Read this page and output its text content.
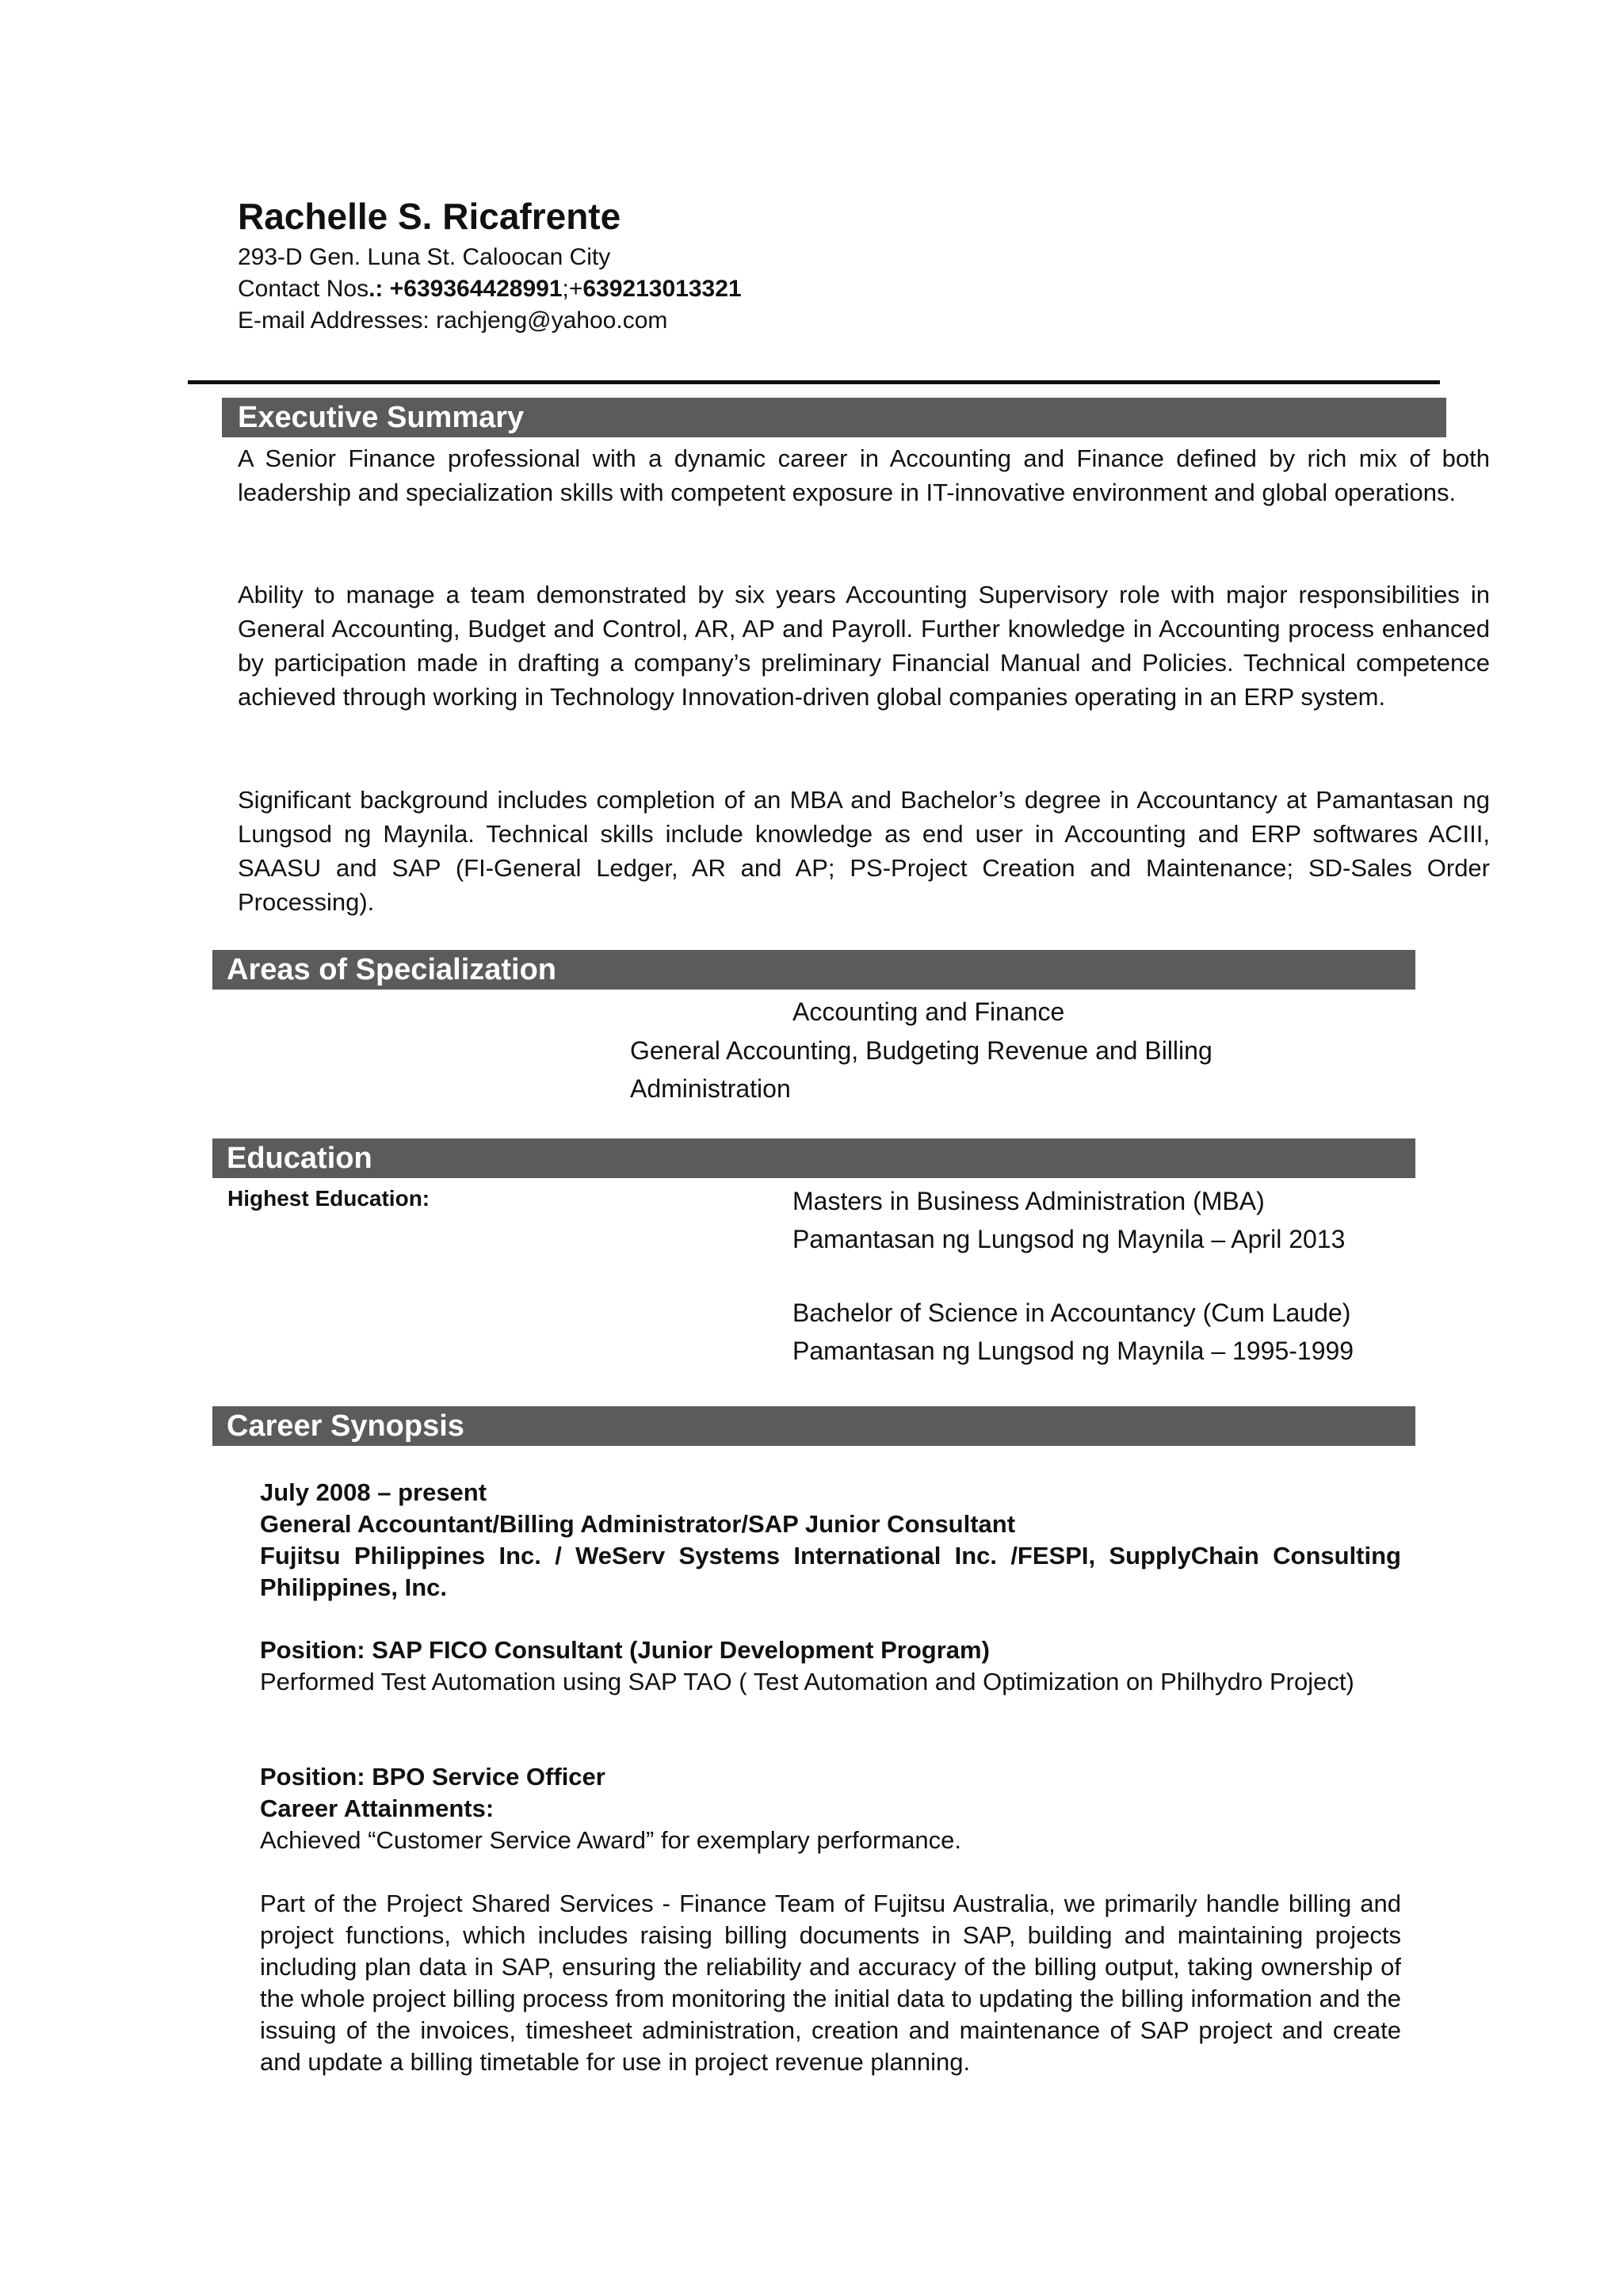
Rachelle S. Ricafrente
293-D Gen. Luna St. Caloocan City
Contact Nos.: +639364428991;+639213013321
E-mail Addresses: rachjeng@yahoo.com
Executive Summary
A Senior Finance professional with a dynamic career in Accounting and Finance defined by rich mix of both leadership and specialization skills with competent exposure in IT-innovative environment and global operations.
Ability to manage a team demonstrated by six years Accounting Supervisory role with major responsibilities in General Accounting, Budget and Control, AR, AP and Payroll. Further knowledge in Accounting process enhanced by participation made in drafting a company’s preliminary Financial Manual and Policies. Technical competence achieved through working in Technology Innovation-driven global companies operating in an ERP system.
Significant background includes completion of an MBA and Bachelor’s degree in Accountancy at Pamantasan ng Lungsod ng Maynila. Technical skills include knowledge as end user in Accounting and ERP softwares ACIII, SAASU and SAP (FI-General Ledger, AR and AP; PS-Project Creation and Maintenance; SD-Sales Order Processing).
Areas of Specialization
Accounting and Finance
General Accounting, Budgeting Revenue and Billing
Administration
Education
Highest Education:	Masters in Business Administration (MBA)
Pamantasan ng Lungsod ng Maynila – April 2013
Bachelor of Science in Accountancy (Cum Laude)
Pamantasan ng Lungsod ng Maynila – 1995-1999
Career Synopsis
July 2008 – present
General Accountant/Billing Administrator/SAP Junior Consultant
Fujitsu Philippines Inc. / WeServ Systems International Inc. /FESPI, SupplyChain Consulting Philippines, Inc.
Position: SAP FICO Consultant (Junior Development Program)
Performed Test Automation using SAP TAO ( Test Automation and Optimization on Philhydro Project)
Position: BPO Service Officer
Career Attainments:
Achieved “Customer Service Award” for exemplary performance.
Part of the Project Shared Services - Finance Team of Fujitsu Australia, we primarily handle billing and project functions, which includes raising billing documents in SAP, building and maintaining projects including plan data in SAP, ensuring the reliability and accuracy of the billing output, taking ownership of the whole project billing process from monitoring the initial data to updating the billing information and the issuing of the invoices, timesheet administration, creation and maintenance of SAP project and create and update a billing timetable for use in project revenue planning.
